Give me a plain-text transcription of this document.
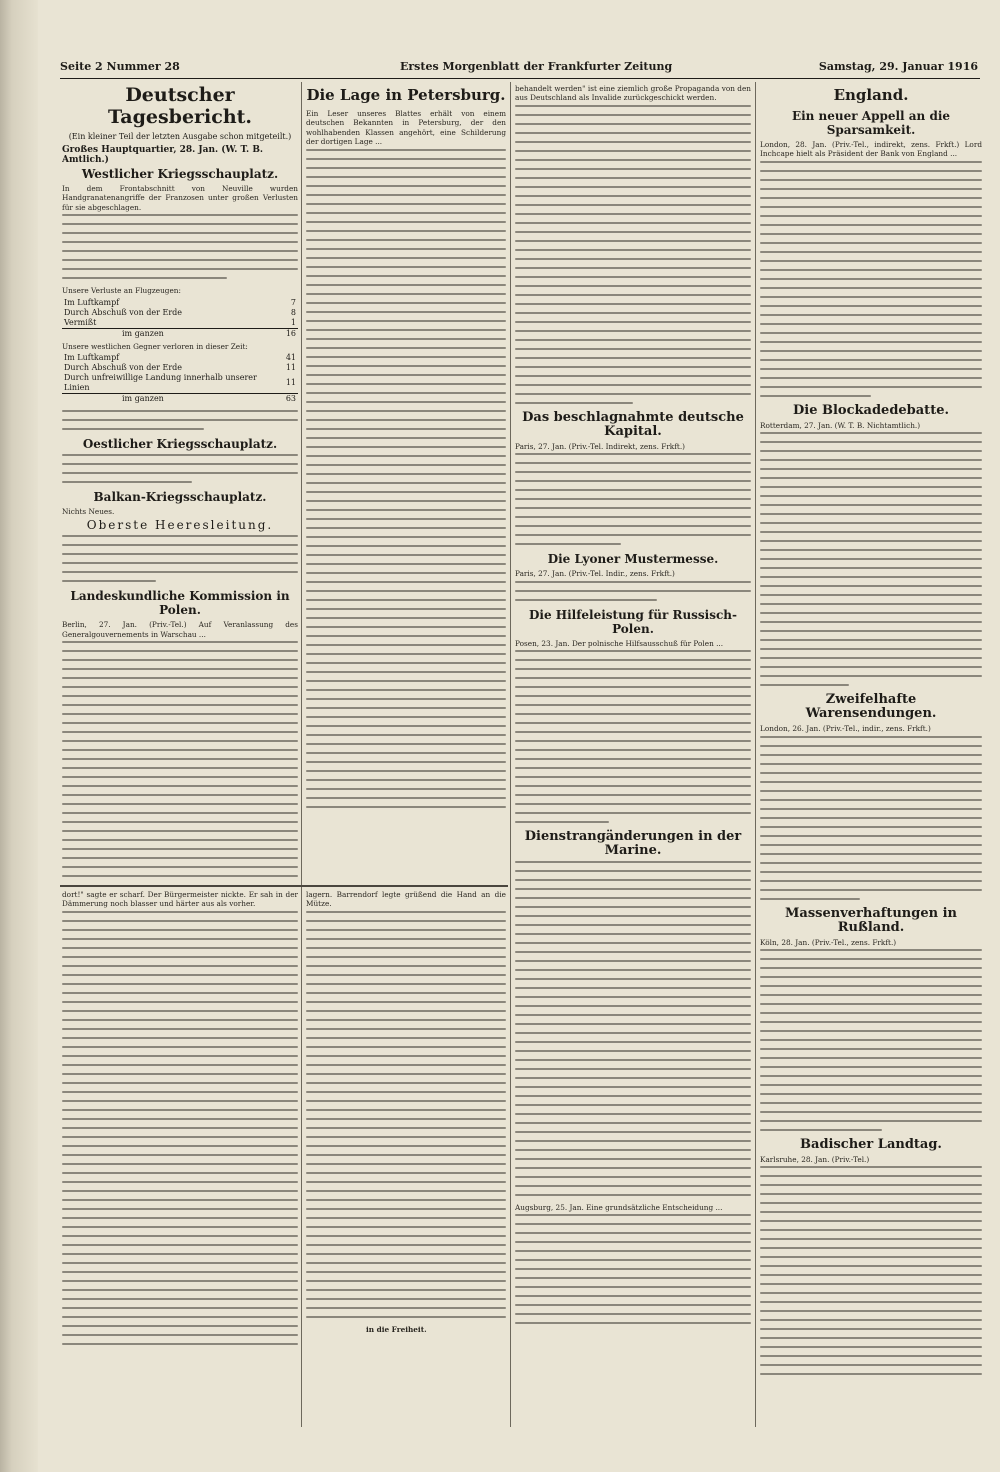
Seite 2 Nummer 28	Erstes Morgenblatt der Frankfurter Zeitung	Samstag, 29. Januar 1916
Deutscher Tagesbericht.
(Ein kleiner Teil der letzten Ausgabe schon mitgeteilt.)
Großes Hauptquartier, 28. Jan. (W. T. B. Amtlich.)
Westlicher Kriegsschauplatz.
In dem Frontabschnitt von Neuville wurden Handgranatenangriffe der Franzosen unter großen Verlusten für sie abgeschlagen.
Unsere Verluste an Flugzeugen:
Im Luftkampf	7
Durch Abschuß von der Erde	8
Vermißt	1
im ganzen	16
Unsere westlichen Gegner verloren in dieser Zeit:
Im Luftkampf	41
Durch Abschuß von der Erde	11
Durch unfreiwillige Landung innerhalb unserer Linien	11
im ganzen	63
Oestlicher Kriegsschauplatz.
Balkan-Kriegsschauplatz.
Nichts Neues.
Oberste Heeresleitung.
Landeskundliche Kommission in Polen.
Berlin, 27. Jan. (Priv.-Tel.) Auf Veranlassung des Generalgouvernements in Warschau ...
Die Lage in Petersburg.
Ein Leser unseres Blattes erhält von einem deutschen Bekannten in Petersburg, der den wohlhabenden Klassen angehört, eine Schilderung der dortigen Lage ...
behandelt werden" ist eine ziemlich große Propaganda von den aus Deutschland als Invalide zurückgeschickt werden.
Das beschlagnahmte deutsche Kapital.
Paris, 27. Jan. (Priv.-Tel. Indirekt, zens. Frkft.)
Die Lyoner Mustermesse.
Paris, 27. Jan. (Priv.-Tel. Indir., zens. Frkft.)
Die Hilfeleistung für Russisch-Polen.
Posen, 23. Jan. Der polnische Hilfsausschuß für Polen ...
Dienstrangänderungen in der Marine.
Augsburg, 25. Jan. Eine grundsätzliche Entscheidung ...
England.
Ein neuer Appell an die Sparsamkeit.
London, 28. Jan. (Priv.-Tel., indirekt, zens. Frkft.) Lord Inchcape hielt als Präsident der Bank von England ...
Die Blockadedebatte.
Rotterdam, 27. Jan. (W. T. B. Nichtamtlich.)
Zweifelhafte Warensendungen.
London, 26. Jan. (Priv.-Tel., indir., zens. Frkft.)
Massenverhaftungen in Rußland.
Köln, 28. Jan. (Priv.-Tel., zens. Frkft.)
Badischer Landtag.
Karlsruhe, 28. Jan. (Priv.-Tel.)
dort!" sagte er scharf. Der Bürgermeister nickte. Er sah in der Dämmerung noch blasser und härter aus als vorher.
lagern. Barrendorf legte grüßend die Hand an die Mütze.
in die Freiheit.
